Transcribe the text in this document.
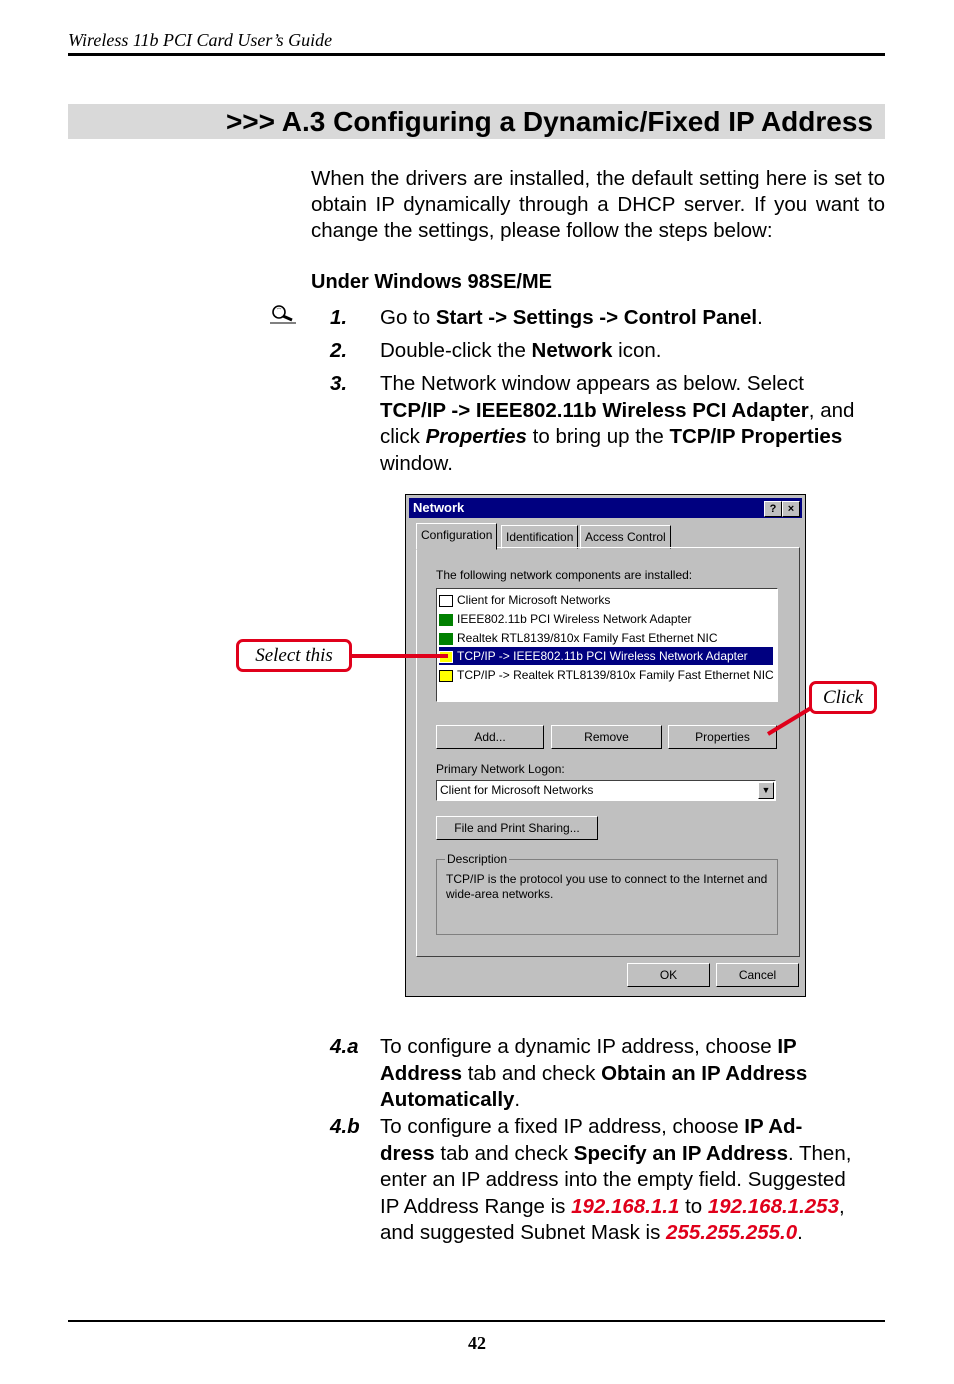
Wireless 11b PCI Card User’s Guide
>>> A.3 Configuring a Dynamic/Fixed IP Address
When the drivers are installed, the default setting here is set to obtain IP dynamically through a DHCP server. If you want to change the settings, please follow the steps below:
Under Windows 98SE/ME
1.	Go to Start -> Settings -> Control Panel.
2.	Double-click the Network icon.
3.	The Network window appears as below. Select TCP/IP -> IEEE802.11b Wireless PCI Adapter, and click Properties to bring up the TCP/IP Properties window.
Network	?	×
Configuration	Identification Access Control
The following network components are installed:
Client for Microsoft Networks
IEEE802.11b PCI Wireless Network Adapter
Realtek RTL8139/810x Family Fast Ethernet NIC
TCP/IP -> IEEE802.11b PCI Wireless Network Adapter
TCP/IP -> Realtek RTL8139/810x Family Fast Ethernet NIC
Add...	Remove	Properties
Primary Network Logon:
Client for Microsoft Networks	▼
File and Print Sharing...
Description
TCP/IP is the protocol you use to connect to the Internet and wide-area networks.
OK	Cancel
Select this
Click
4.a	To configure a dynamic IP address, choose IP Address tab and check Obtain an IP Address Automatically.
4.b To configure a fixed IP address, choose IP Ad-dress tab and check Specify an IP Address. Then, enter an IP address into the empty field. Suggested IP Address Range is 192.168.1.1 to 192.168.1.253, and suggested Subnet Mask is 255.255.255.0.
42
